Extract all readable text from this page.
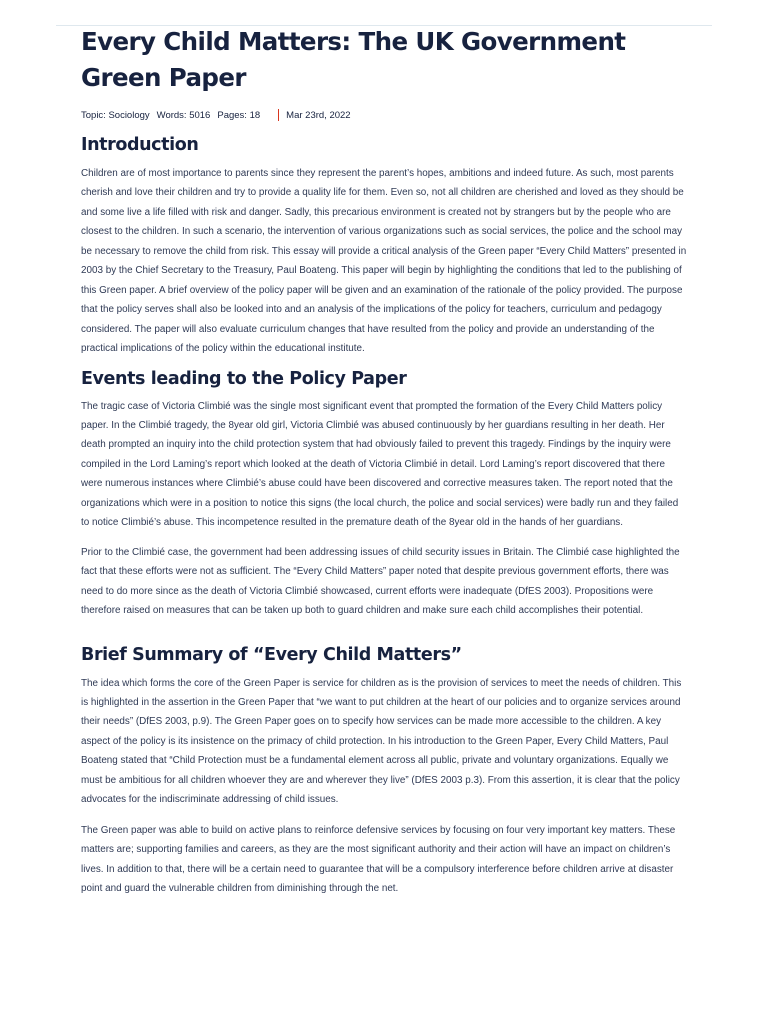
Every Child Matters: The UK Government Green Paper
Topic: Sociology Words: 5016 Pages: 18	Mar 23rd, 2022
Introduction

Children are of most importance to parents since they represent the parent’s hopes, ambitions and indeed future. As such, most parents cherish and love their children and try to provide a quality life for them. Even so, not all children are cherished and loved as they should be and some live a life filled with risk and danger. Sadly, this precarious environment is created not by strangers but by the people who are closest to the children. In such a scenario, the intervention of various organizations such as social services, the police and the school may be necessary to remove the child from risk. This essay will provide a critical analysis of the Green paper “Every Child Matters” presented in 2003 by the Chief Secretary to the Treasury, Paul Boateng. This paper will begin by highlighting the conditions that led to the publishing of this Green paper. A brief overview of the policy paper will be given and an examination of the rationale of the policy provided. The purpose that the policy serves shall also be looked into and an analysis of the implications of the policy for teachers, curriculum and pedagogy considered. The paper will also evaluate curriculum changes that have resulted from the policy and provide an understanding of the practical implications of the policy within the educational institute.

Events leading to the Policy Paper

The tragic case of Victoria Climbié was the single most significant event that prompted the formation of the Every Child Matters policy paper. In the Climbié tragedy, the 8year old girl, Victoria Climbié was abused continuously by her guardians resulting in her death. Her death prompted an inquiry into the child protection system that had obviously failed to prevent this tragedy. Findings by the inquiry were compiled in the Lord Laming’s report which looked at the death of Victoria Climbié in detail. Lord Laming’s report discovered that there were numerous instances where Climbié’s abuse could have been discovered and corrective measures taken. The report noted that the organizations which were in a position to notice this signs (the local church, the police and social services) were badly run and they failed to notice Climbié’s abuse. This incompetence resulted in the premature death of the 8year old in the hands of her guardians.

Prior to the Climbié case, the government had been addressing issues of child security issues in Britain. The Climbié case highlighted the fact that these efforts were not as sufficient. The “Every Child Matters” paper noted that despite previous government efforts, there was need to do more since as the death of Victoria Climbié showcased, current efforts were inadequate (DfES 2003). Propositions were therefore raised on measures that can be taken up both to guard children and make sure each child accomplishes their potential.

Brief Summary of “Every Child Matters”

The idea which forms the core of the Green Paper is service for children as is the provision of services to meet the needs of children. This is highlighted in the assertion in the Green Paper that “we want to put children at the heart of our policies and to organize services around their needs” (DfES 2003, p.9). The Green Paper goes on to specify how services can be made more accessible to the children. A key aspect of the policy is its insistence on the primacy of child protection. In his introduction to the Green Paper, Every Child Matters, Paul Boateng stated that “Child Protection must be a fundamental element across all public, private and voluntary organizations. Equally we must be ambitious for all children whoever they are and wherever they live” (DfES 2003 p.3). From this assertion, it is clear that the policy advocates for the indiscriminate addressing of child issues.

The Green paper was able to build on active plans to reinforce defensive services by focusing on four very important key matters. These matters are; supporting families and careers, as they are the most significant authority and their action will have an impact on children’s lives. In addition to that, there will be a certain need to guarantee that will be a compulsory interference before children arrive at disaster point and guard the vulnerable children from diminishing through the net.
